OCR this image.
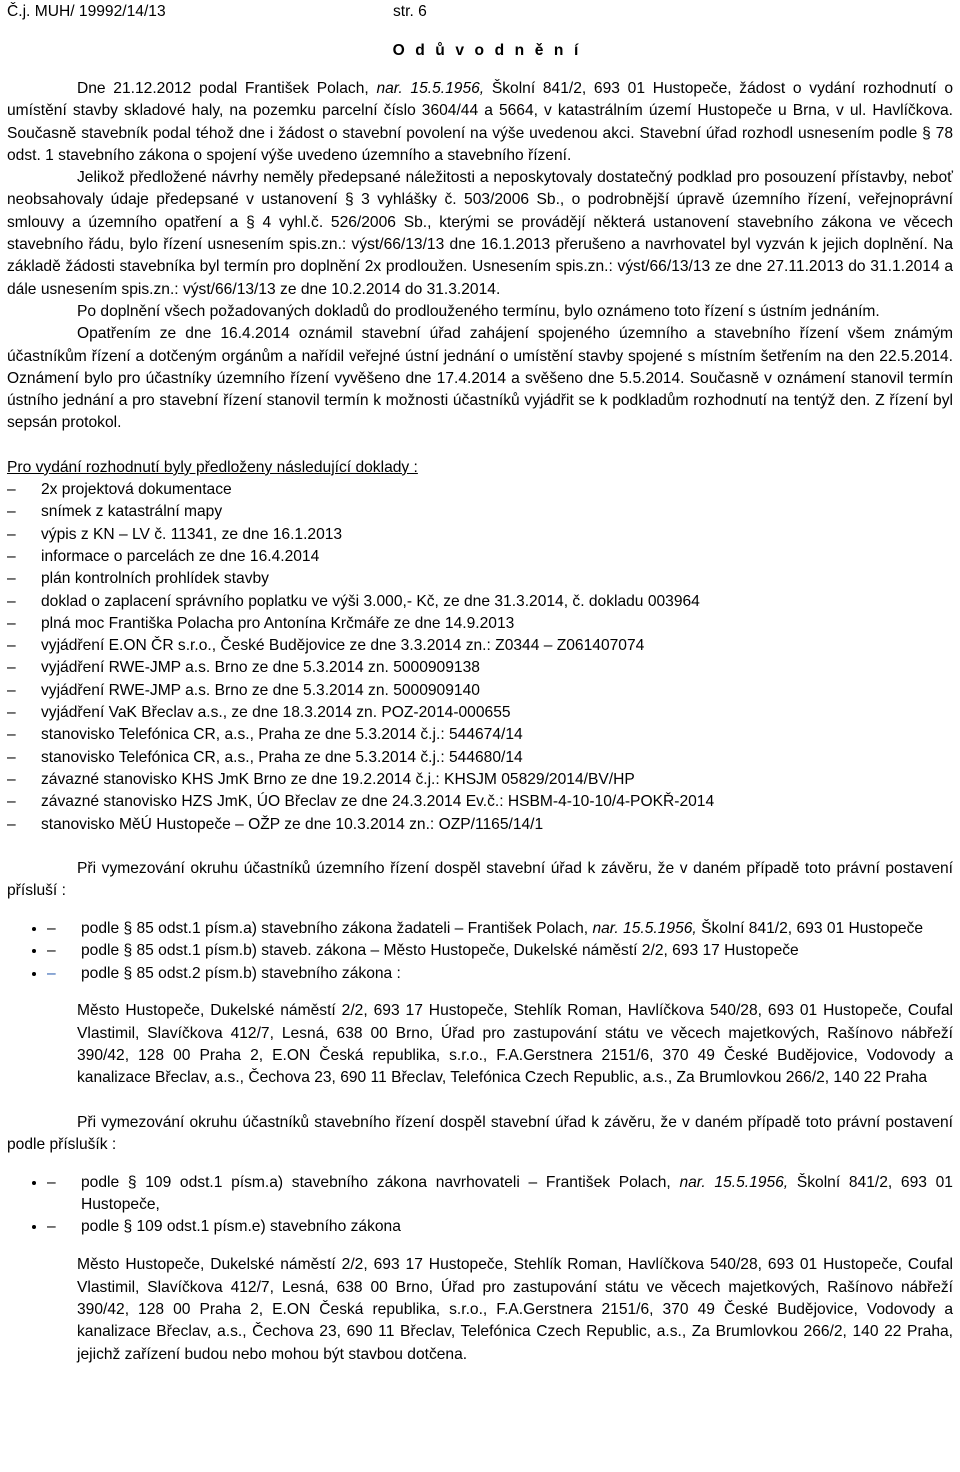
Č.j. MUH/ 19992/14/13	str. 6
O d ů v o d n ě n í

Dne 21.12.2012 podal František Polach, nar. 15.5.1956, Školní 841/2, 693 01 Hustopeče, žádost o vydání rozhodnutí o umístění stavby skladové haly, na pozemku parcelní číslo 3604/44 a 5664, v katastrálním území Hustopeče u Brna, v ul. Havlíčkova. Současně stavebník podal téhož dne i žádost o stavební povolení na výše uvedenou akci. Stavební úřad rozhodl usnesením podle § 78 odst. 1 stavebního zákona o spojení výše uvedeno územního a stavebního řízení.

Jelikož předložené návrhy neměly předepsané náležitosti a neposkytovaly dostatečný podklad pro posouzení přístavby, neboť neobsahovaly údaje předepsané v ustanovení § 3 vyhlášky č. 503/2006 Sb., o podrobnější úpravě územního řízení, veřejnoprávní smlouvy a územního opatření a § 4 vyhl.č. 526/2006 Sb., kterými se provádějí některá ustanovení stavebního zákona ve věcech stavebního řádu, bylo řízení usnesením spis.zn.: výst/66/13/13 dne 16.1.2013 přerušeno a navrhovatel byl vyzván k jejich doplnění. Na základě žádosti stavebníka byl termín pro doplnění 2x prodloužen. Usnesením spis.zn.: výst/66/13/13 ze dne 27.11.2013 do 31.1.2014 a dále usnesením spis.zn.: výst/66/13/13 ze dne 10.2.2014 do 31.3.2014.

Po doplnění všech požadovaných dokladů do prodlouženého termínu, bylo oznámeno toto řízení s ústním jednáním.

Opatřením ze dne 16.4.2014 oznámil stavební úřad zahájení spojeného územního a stavebního řízení všem známým účastníkům řízení a dotčeným orgánům a nařídil veřejné ústní jednání o umístění stavby spojené s místním šetřením na den 22.5.2014. Oznámení bylo pro účastníky územního řízení vyvěšeno dne 17.4.2014 a svěšeno dne 5.5.2014. Současně v oznámení stanovil termín ústního jednání a pro stavební řízení stanovil termín k možnosti účastníků vyjádřit se k podkladům rozhodnutí na tentýž den. Z řízení byl sepsán protokol.

Pro vydání rozhodnutí byly předloženy následující doklady :

–	2x projektová dokumentace
–	snímek z katastrální mapy
–	výpis z KN – LV č. 11341, ze dne 16.1.2013
–	informace o parcelách ze dne 16.4.2014
–	plán kontrolních prohlídek stavby
–	doklad o zaplacení správního poplatku ve výši 3.000,- Kč, ze dne 31.3.2014, č. dokladu 003964
–	plná moc Františka Polacha pro Antonína Krčmáře ze dne 14.9.2013
–	vyjádření E.ON ČR s.r.o., České Budějovice ze dne 3.3.2014 zn.: Z0344 – Z061407074
–	vyjádření RWE-JMP a.s. Brno ze dne 5.3.2014 zn. 5000909138
–	vyjádření RWE-JMP a.s. Brno ze dne 5.3.2014 zn. 5000909140
–	vyjádření VaK Břeclav a.s., ze dne 18.3.2014 zn. POZ-2014-000655
–	stanovisko Telefónica CR, a.s., Praha ze dne 5.3.2014 č.j.: 544674/14
–	stanovisko Telefónica CR, a.s., Praha ze dne 5.3.2014 č.j.: 544680/14
–	závazné stanovisko KHS JmK Brno ze dne 19.2.2014 č.j.: KHSJM 05829/2014/BV/HP
–	závazné stanovisko HZS JmK, ÚO Břeclav ze dne 24.3.2014 Ev.č.: HSBM-4-10-10/4-POKŘ-2014
–	stanovisko MěÚ Hustopeče – OŽP ze dne 10.3.2014 zn.: OZP/1165/14/1

Při vymezování okruhu účastníků územního řízení dospěl stavební úřad k závěru, že v daném případě toto právní postavení přísluší :

• –	podle § 85 odst.1 písm.a) stavebního zákona žadateli – František Polach, nar. 15.5.1956, Školní 841/2, 693 01 Hustopeče
• –	podle § 85 odst.1 písm.b) staveb. zákona – Město Hustopeče, Dukelské náměstí 2/2, 693 17 Hustopeče
• –	podle § 85 odst.2 písm.b) stavebního zákona :

Město Hustopeče, Dukelské náměstí 2/2, 693 17 Hustopeče, Stehlík Roman, Havlíčkova 540/28, 693 01 Hustopeče, Coufal Vlastimil, Slavíčkova 412/7, Lesná, 638 00 Brno, Úřad pro zastupování státu ve věcech majetkových, Rašínovo nábřeží 390/42, 128 00 Praha 2, E.ON Česká republika, s.r.o., F.A.Gerstnera 2151/6, 370 49 České Budějovice, Vodovody a kanalizace Břeclav, a.s., Čechova 23, 690 11 Břeclav, Telefónica Czech Republic, a.s., Za Brumlovkou 266/2, 140 22 Praha

Při vymezování okruhu účastníků stavebního řízení dospěl stavební úřad k závěru, že v daném případě toto právní postavení podle příslušík :

• –	podle § 109 odst.1 písm.a) stavebního zákona navrhovateli – František Polach, nar. 15.5.1956, Školní 841/2, 693 01 Hustopeče,
• –	podle § 109 odst.1 písm.e) stavebního zákona

Město Hustopeče, Dukelské náměstí 2/2, 693 17 Hustopeče, Stehlík Roman, Havlíčkova 540/28, 693 01 Hustopeče, Coufal Vlastimil, Slavíčkova 412/7, Lesná, 638 00 Brno, Úřad pro zastupování státu ve věcech majetkových, Rašínovo nábřeží 390/42, 128 00 Praha 2, E.ON Česká republika, s.r.o., F.A.Gerstnera 2151/6, 370 49 České Budějovice, Vodovody a kanalizace Břeclav, a.s., Čechova 23, 690 11 Břeclav, Telefónica Czech Republic, a.s., Za Brumlovkou 266/2, 140 22 Praha, jejichž zařízení budou nebo mohou být stavbou dotčena.
